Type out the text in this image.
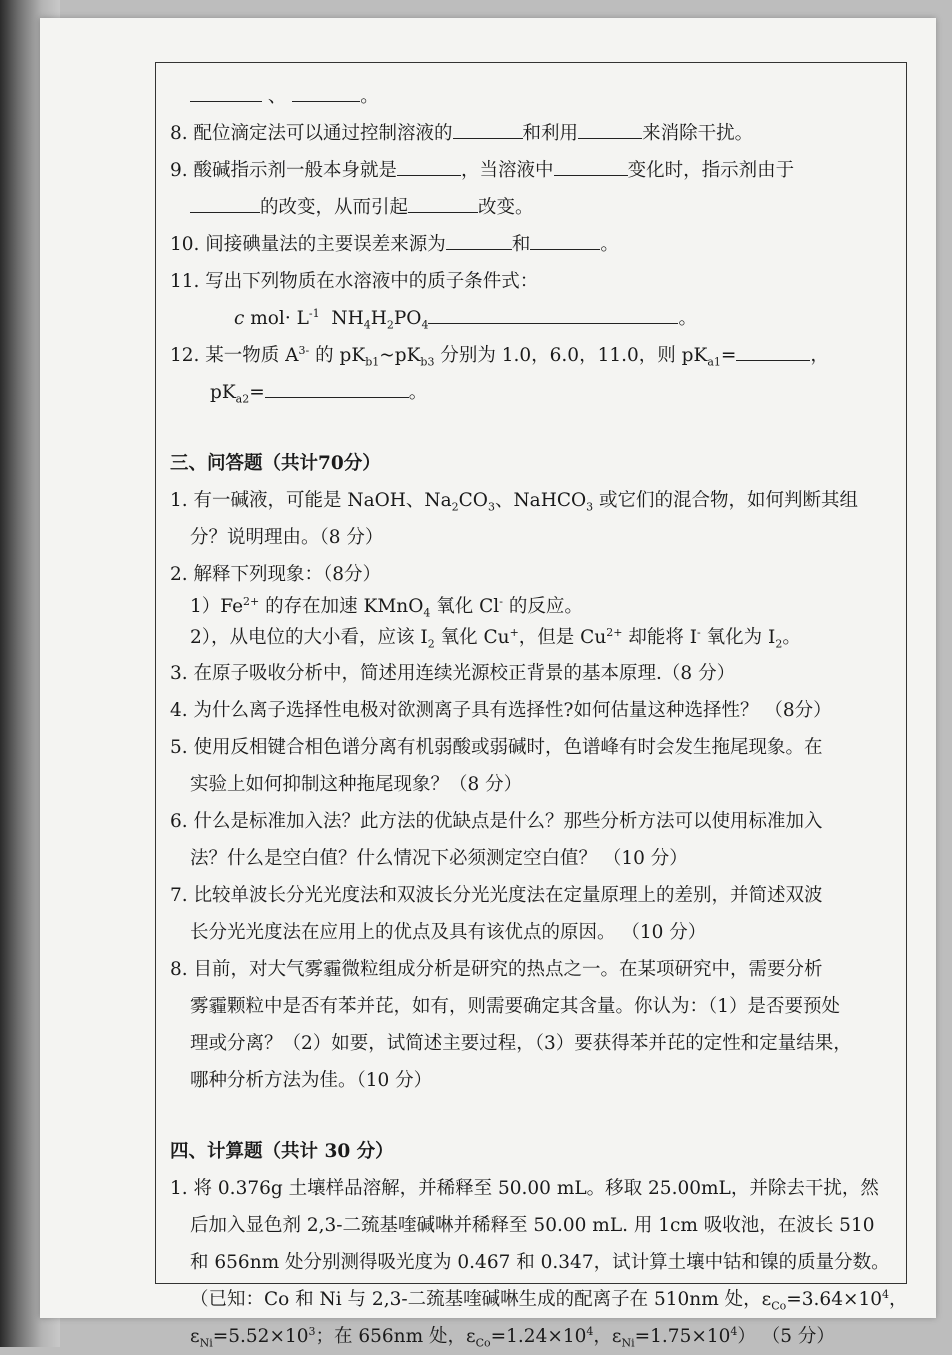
、	。
8. 配位滴定法可以通过控制溶液的	和利用	来消除干扰。
9. 酸碱指示剂一般本身就是	，当溶液中	变化时，指示剂由于
的改变，从而引起	改变。
10. 间接碘量法的主要误差来源为	和	。
11. 写出下列物质在水溶液中的质子条件式：
c $mol\cdot L^{-1}$ $NH_4H_2PO_4$	。
12. 某一物质 $A^{3-}$ 的 $pK_{b1}\sim pK_{b3}$ 分别为 1.0，6.0，11.0，则 $pK_{a1}=$	，
$pK_{a2}=$	。
三、问答题（共计70分）
1. 有一碱液，可能是 NaOH、$Na_2CO_3$、NaHCO$_3$ 或它们的混合物，如何判断其组
分？说明理由。（8 分）
2. 解释下列现象：（8分）
$1)Fe^{2+}$ 的存在加速 KMnO$_4$ 氧化 Cl- 的反应。
2），从电位的大小看，应该 $I_2$ 氧化 Cu+，但是 $Cu^{2+}$ 却能将 I- 氧化为 $I_2$。
3. 在原子吸收分析中，简述用连续光源校正背景的基本原理.（8 分）
4. 为什么离子选择性电极对欲测离子具有选择性?如何估量这种选择性？ （8分）
5. 使用反相键合相色谱分离有机弱酸或弱碱时，色谱峰有时会发生拖尾现象。在
实验上如何抑制这种拖尾现象？（8 分）
6. 什么是标准加入法？此方法的优缺点是什么？那些分析方法可以使用标准加入
法？什么是空白值？什么情况下必须测定空白值？ （10 分）
7. 比较单波长分光光度法和双波长分光光度法在定量原理上的差别，并简述双波
长分光光度法在应用上的优点及具有该优点的原因。 （10 分）
8. 目前，对大气雾霾微粒组成分析是研究的热点之一。在某项研究中，需要分析
雾霾颗粒中是否有苯并芘，如有，则需要确定其含量。你认为：（1）是否要预处
理或分离？（2）如要，试简述主要过程，（3）要获得苯并芘的定性和定量结果，
哪种分析方法为佳。（10 分）
四、计算题（共计 30 分）
1. 将 0.376g 土壤样品溶解，并稀释至 50.00 mL。移取 25.00mL，并除去干扰，然
后加入显色剂 2,3-二巯基喹碱啉并稀释至 50.00 mL. 用 1cm 吸收池，在波长 510
和 656nm 处分别测得吸光度为 0.467 和 0.347，试计算土壤中钴和镍的质量分数。
（已知：Co 和 Ni 与 2,3-二巯基喹碱啉生成的配离子在 510nm 处，$\varepsilon_{Co}=3.64\times 10^4$，
$\varepsilon_{Ni}=5.52\times 10^3$；在 656nm 处，$\varepsilon_{Co}=1.24\times 10^4$，$\varepsilon_{Ni}=1.75\times 10^4$） （5 分）
